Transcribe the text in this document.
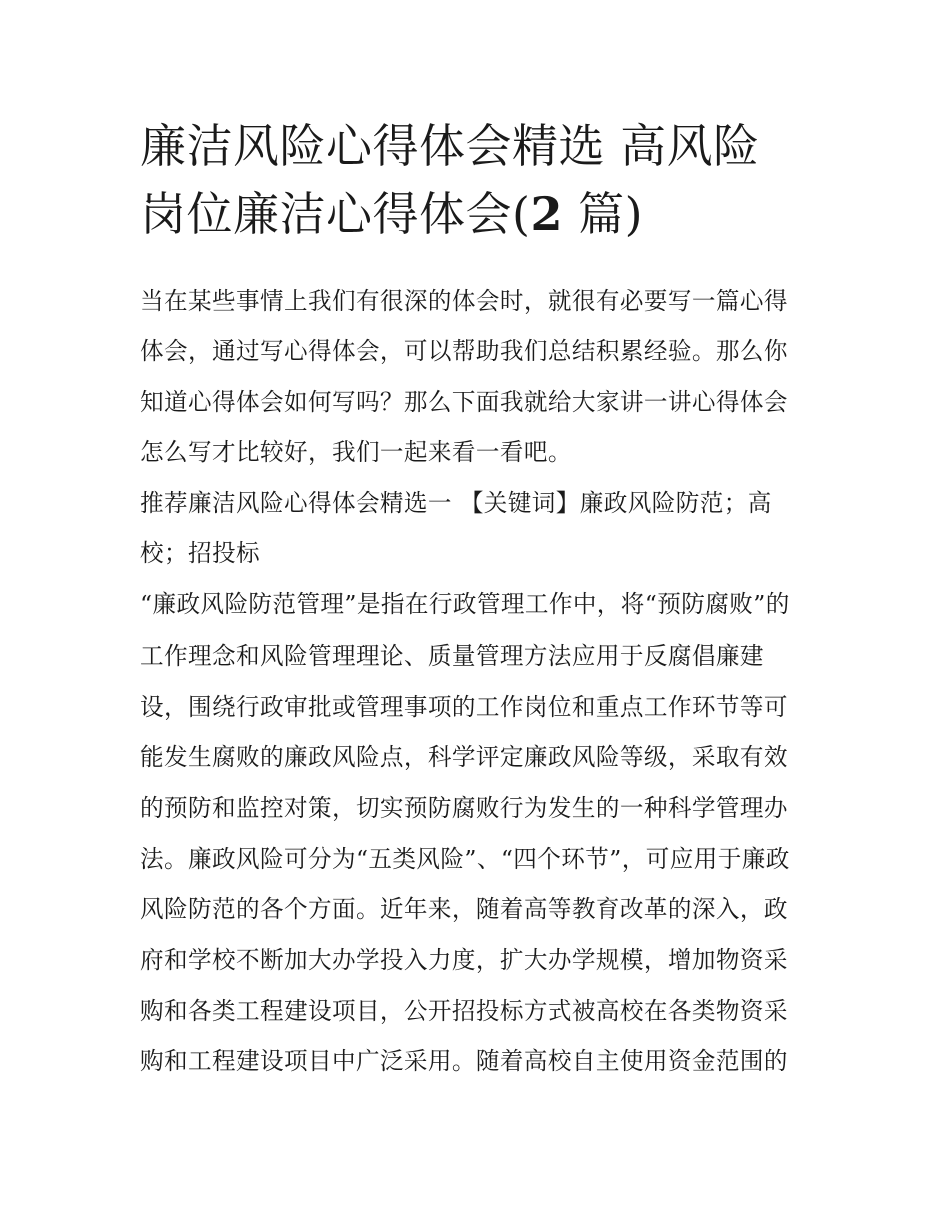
廉洁风险心得体会精选 高风险
岗位廉洁心得体会(2 篇)
当在某些事情上我们有很深的体会时，就很有必要写一篇心得
体会，通过写心得体会，可以帮助我们总结积累经验。那么你
知道心得体会如何写吗？那么下面我就给大家讲一讲心得体会
怎么写才比较好，我们一起来看一看吧。
推荐廉洁风险心得体会精选一 【关键词】廉政风险防范；高
校；招投标
“廉政风险防范管理”是指在行政管理工作中，将“预防腐败”的
工作理念和风险管理理论、质量管理方法应用于反腐倡廉建
设，围绕行政审批或管理事项的工作岗位和重点工作环节等可
能发生腐败的廉政风险点，科学评定廉政风险等级，采取有效
的预防和监控对策，切实预防腐败行为发生的一种科学管理办
法。廉政风险可分为“五类风险”、“四个环节”，可应用于廉政
风险防范的各个方面。近年来，随着高等教育改革的深入，政
府和学校不断加大办学投入力度，扩大办学规模，增加物资采
购和各类工程建设项目，公开招投标方式被高校在各类物资采
购和工程建设项目中广泛采用。随着高校自主使用资金范围的
